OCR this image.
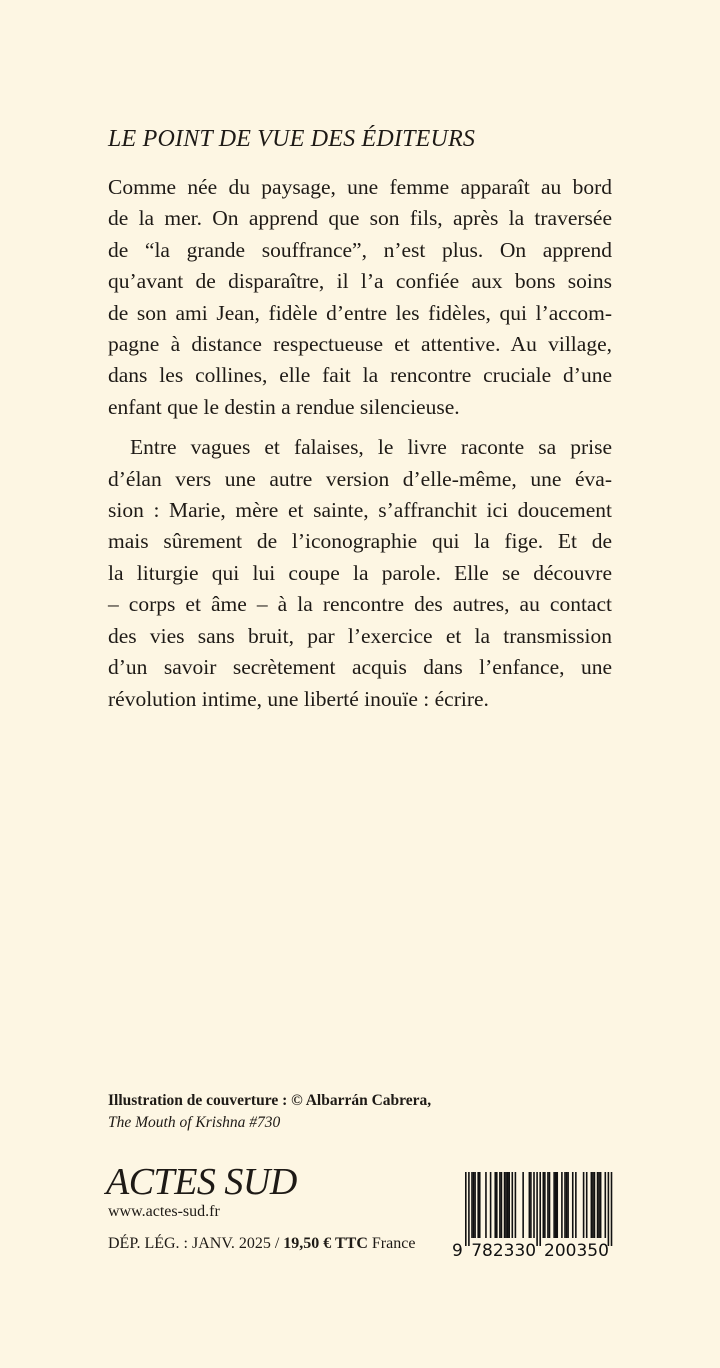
LE POINT DE VUE DES ÉDITEURS
Comme née du paysage, une femme apparaît au bord
de la mer. On apprend que son fils, après la traversée
de “la grande souffrance”, n’est plus. On apprend
qu’avant de disparaître, il l’a confiée aux bons soins
de son ami Jean, fidèle d’entre les fidèles, qui l’accom-
pagne à distance respectueuse et attentive. Au village,
dans les collines, elle fait la rencontre cruciale d’une
enfant que le destin a rendue silencieuse.
Entre vagues et falaises, le livre raconte sa prise
d’élan vers une autre version d’elle-même, une éva-
sion : Marie, mère et sainte, s’affranchit ici doucement
mais sûrement de l’iconographie qui la fige. Et de
la liturgie qui lui coupe la parole. Elle se découvre
– corps et âme – à la rencontre des autres, au contact
des vies sans bruit, par l’exercice et la transmission
d’un savoir secrètement acquis dans l’enfance, une
révolution intime, une liberté inouïe : écrire.
Illustration de couverture : © Albarrán Cabrera,
The Mouth of Krishna #730
ACTES SUD
www.actes-sud.fr
DÉP. LÉG. : JANV. 2025 / 19,50 € TTC France 9 782330 200350
